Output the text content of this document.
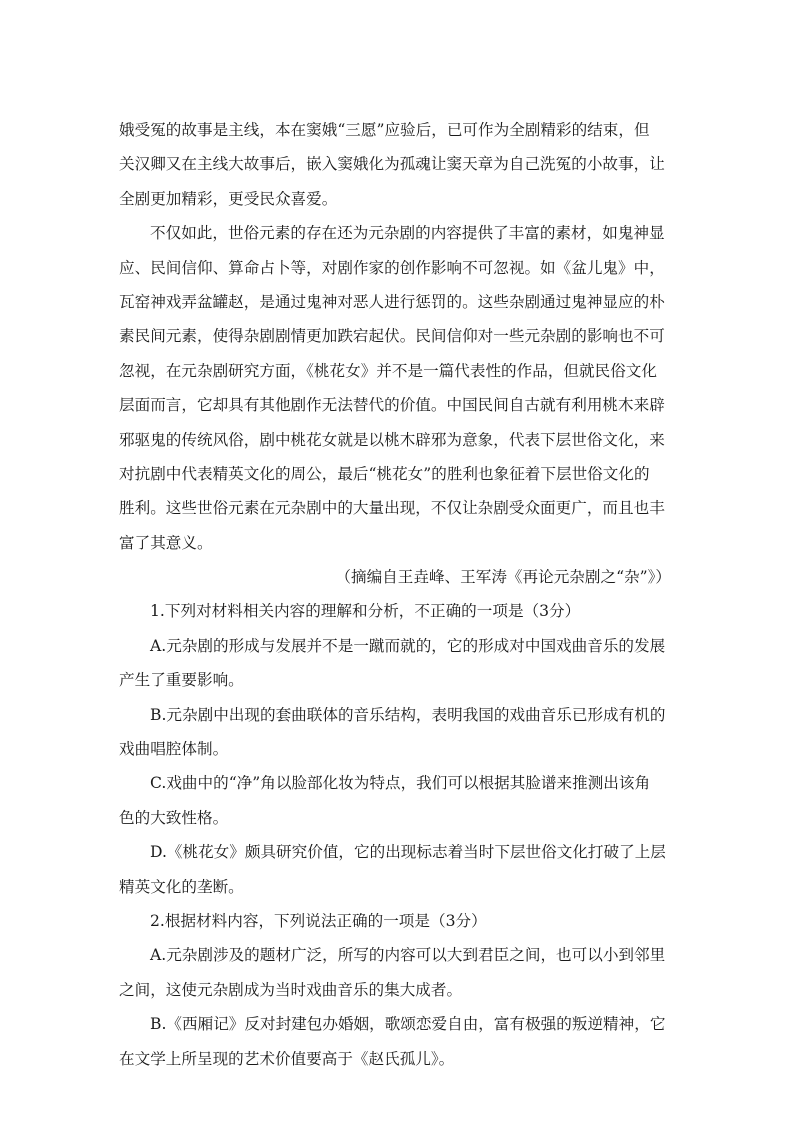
娥受冤的故事是主线，本在窦娥“三愿”应验后，已可作为全剧精彩的结束，但
关汉卿又在主线大故事后，嵌入窦娥化为孤魂让窦天章为自己洗冤的小故事，让
全剧更加精彩，更受民众喜爱。
不仅如此，世俗元素的存在还为元杂剧的内容提供了丰富的素材，如鬼神显
应、民间信仰、算命占卜等，对剧作家的创作影响不可忽视。如《盆儿鬼》中，
瓦窑神戏弄盆罐赵，是通过鬼神对恶人进行惩罚的。这些杂剧通过鬼神显应的朴
素民间元素，使得杂剧剧情更加跌宕起伏。民间信仰对一些元杂剧的影响也不可
忽视，在元杂剧研究方面，《桃花女》并不是一篇代表性的作品，但就民俗文化
层面而言，它却具有其他剧作无法替代的价值。中国民间自古就有利用桃木来辟
邪驱鬼的传统风俗，剧中桃花女就是以桃木辟邪为意象，代表下层世俗文化，来
对抗剧中代表精英文化的周公，最后“桃花女”的胜利也象征着下层世俗文化的
胜利。这些世俗元素在元杂剧中的大量出现，不仅让杂剧受众面更广，而且也丰
富了其意义。
（摘编自王垚峰、王军涛《再论元杂剧之“杂”》）
1.下列对材料相关内容的理解和分析，不正确的一项是（3分）
A.元杂剧的形成与发展并不是一蹴而就的，它的形成对中国戏曲音乐的发展
产生了重要影响。
B.元杂剧中出现的套曲联体的音乐结构，表明我国的戏曲音乐已形成有机的
戏曲唱腔体制。
C.戏曲中的“净”角以脸部化妆为特点，我们可以根据其脸谱来推测出该角
色的大致性格。
D.《桃花女》颇具研究价值，它的出现标志着当时下层世俗文化打破了上层
精英文化的垄断。
2.根据材料内容，下列说法正确的一项是（3分）
A.元杂剧涉及的题材广泛，所写的内容可以大到君臣之间，也可以小到邻里
之间，这使元杂剧成为当时戏曲音乐的集大成者。
B.《西厢记》反对封建包办婚姻，歌颂恋爱自由，富有极强的叛逆精神，它
在文学上所呈现的艺术价值要高于《赵氏孤儿》。
